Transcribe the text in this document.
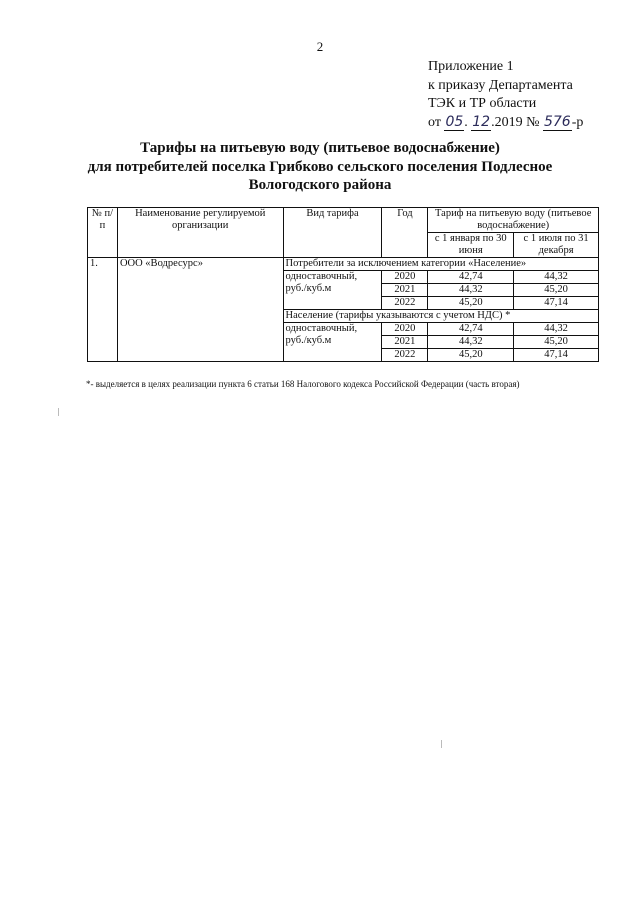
2
Приложение 1
к приказу Департамента
ТЭК и ТР области
от 05. 12.2019 № 576-р
Тарифы на питьевую воду (питьевое водоснабжение)
для потребителей поселка Грибково сельского поселения Подлесное
Вологодского района
№ п/п	Наименование регулируемой организации	Вид тарифа	Год	Тариф на питьевую воду (питьевое водоснабжение)	
				с 1 января по 30 июня	с 1 июля по 31 декабря
1.	ООО «Водресурс»	Потребители за исключением категории «Население»			
		одноставочный, руб./куб.м	2020	42,74	44,32
			2021	44,32	45,20
			2022	45,20	47,14
		Население (тарифы указываются с учетом НДС) *			
		одноставочный, руб./куб.м	2020	42,74	44,32
			2021	44,32	45,20
			2022	45,20	47,14
*- выделяется в целях реализации пункта 6 статьи 168 Налогового кодекса Российской Федерации (часть вторая)
